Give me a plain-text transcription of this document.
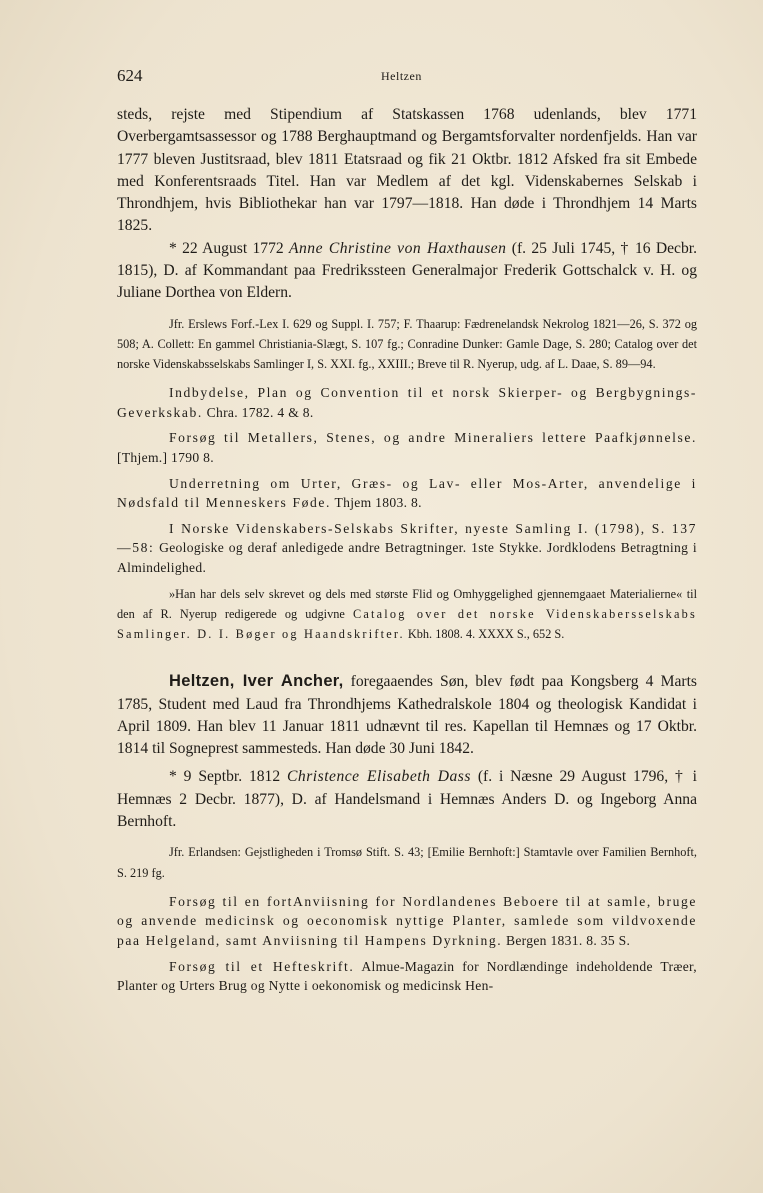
624	Heltzen

steds, rejste med Stipendium af Statskassen 1768 udenlands, blev 1771 Overbergamtsassessor og 1788 Berghauptmand og Bergamtsforvalter nordenfjelds. Han var 1777 bleven Justitsraad, blev 1811 Etatsraad og fik 21 Oktbr. 1812 Afsked fra sit Embede med Konferentsraads Titel. Han var Medlem af det kgl. Videnskabernes Selskab i Throndhjem, hvis Bibliothekar han var 1797—1818. Han døde i Throndhjem 14 Marts 1825.

* 22 August 1772 Anne Christine von Haxthausen (f. 25 Juli 1745, † 16 Decbr. 1815), D. af Kommandant paa Fredrikssteen Generalmajor Frederik Gottschalck v. H. og Juliane Dorthea von Eldern.

Jfr. Erslews Forf.-Lex I. 629 og Suppl. I. 757; F. Thaarup: Fædrenelandsk Nekrolog 1821—26, S. 372 og 508; A. Collett: En gammel Christiania-Slægt, S. 107 fg.; Conradine Dunker: Gamle Dage, S. 280; Catalog over det norske Videnskabsselskabs Samlinger I, S. XXI. fg., XXIII.; Breve til R. Nyerup, udg. af L. Daae, S. 89—94.

Indbydelse, Plan og Convention til et norsk Skierper- og Bergbygnings-Geverkskab. Chra. 1782. 4 & 8.

Forsøg til Metallers, Stenes, og andre Mineraliers lettere Paafkjønnelse. [Thjem.] 1790 8.

Underretning om Urter, Græs- og Lav- eller Mos-Arter, anvendelige i Nødsfald til Menneskers Føde. Thjem 1803. 8.

I Norske Videnskabers-Selskabs Skrifter, nyeste Samling I. (1798), S. 137—58: Geologiske og deraf anledigede andre Betragtninger. 1ste Stykke. Jordklodens Betragtning i Almindelighed.

»Han har dels selv skrevet og dels med største Flid og Omhyggelighed gjennemgaaet Materialierne« til den af R. Nyerup redigerede og udgivne Catalog over det norske Videnskabersselskabs Samlinger. D. I. Bøger og Haandskrifter. Kbh. 1808. 4. XXXX S., 652 S.

Heltzen, Iver Ancher, foregaaendes Søn, blev født paa Kongsberg 4 Marts 1785, Student med Laud fra Throndhjems Kathedralskole 1804 og theologisk Kandidat i April 1809. Han blev 11 Januar 1811 udnævnt til res. Kapellan til Hemnæs og 17 Oktbr. 1814 til Sogneprest sammesteds. Han døde 30 Juni 1842.

* 9 Septbr. 1812 Christence Elisabeth Dass (f. i Næsne 29 August 1796, † i Hemnæs 2 Decbr. 1877), D. af Handelsmand i Hemnæs Anders D. og Ingeborg Anna Bernhoft.

Jfr. Erlandsen: Gejstligheden i Tromsø Stift. S. 43; [Emilie Bernhoft:] Stamtavle over Familien Bernhoft, S. 219 fg.

Forsøg til en fortAnviisning for Nordlandenes Beboere til at samle, bruge og anvende medicinsk og oeconomisk nyttige Planter, samlede som vildvoxende paa Helgeland, samt Anviisning til Hampens Dyrkning. Bergen 1831. 8. 35 S.

Forsøg til et Hefteskrift. Almue-Magazin for Nordlændinge indeholdende Træer, Planter og Urters Brug og Nytte i oekonomisk og medicinsk Hen-
